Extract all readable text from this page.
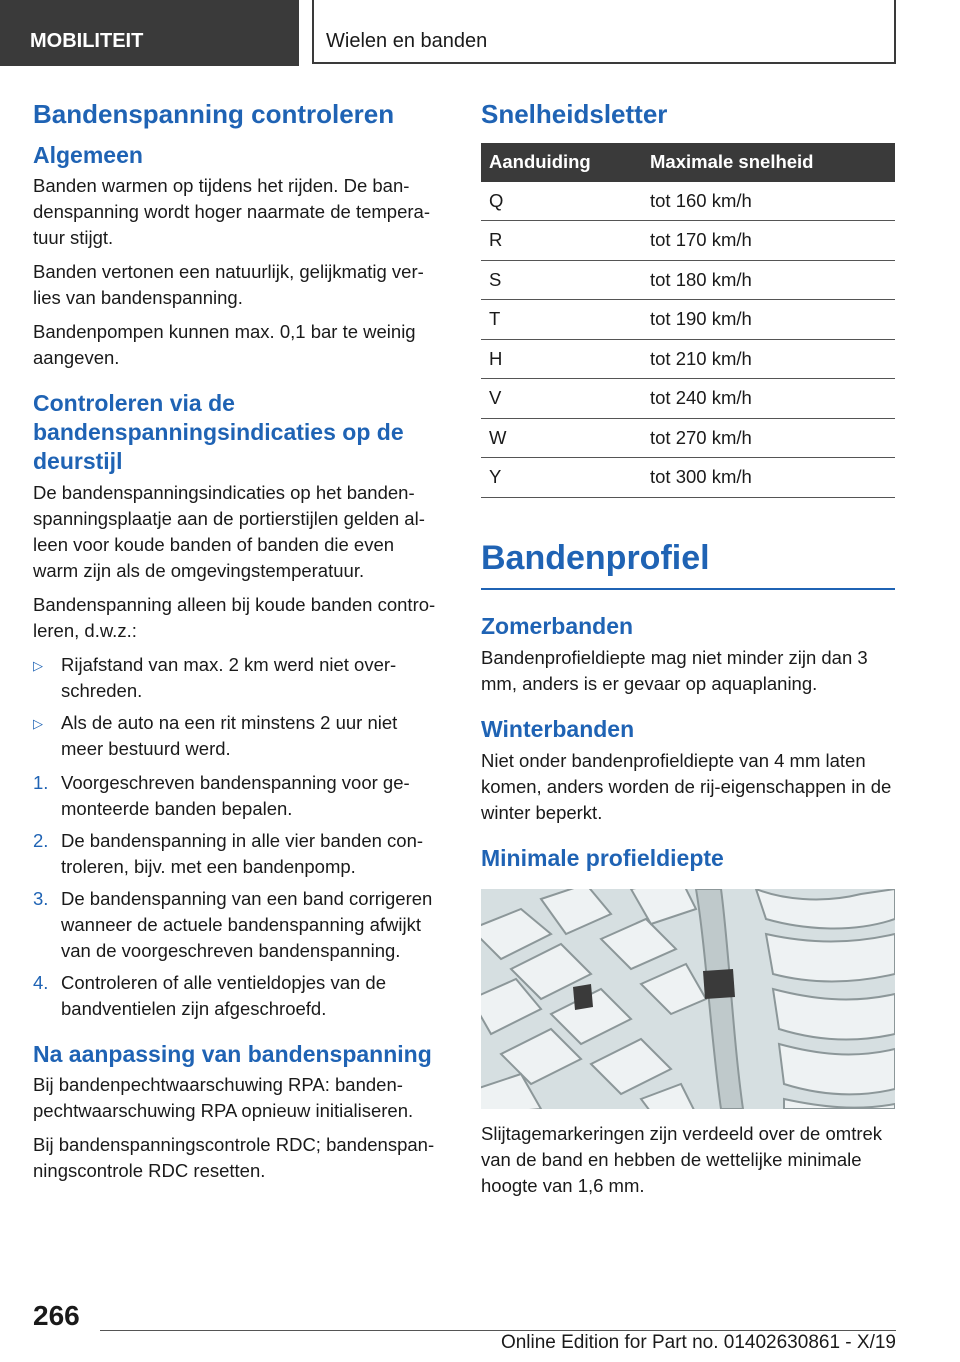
MOBILITEIT	Wielen en banden
Bandenspanning controleren
Algemeen

Banden warmen op tijdens het rijden. De bandenspanning wordt hoger naarmate de temperatuur stijgt.

Banden vertonen een natuurlijk, gelijkmatig verlies van bandenspanning.

Bandenpompen kunnen max. 0,1 bar te weinig aangeven.

Controleren via de bandenspanningsindicaties op de deurstijl

De bandenspanningsindicaties op het bandenspanningsplaatje aan de portierstijlen gelden alleen voor koude banden of banden die even warm zijn als de omgevingstemperatuur.

Bandenspanning alleen bij koude banden controleren, d.w.z.:

▷ Rijafstand van max. 2 km werd niet overschreden.
▷ Als de auto na een rit minstens 2 uur niet meer bestuurd werd.
1. Voorgeschreven bandenspanning voor gemonteerde banden bepalen.
2. De bandenspanning in alle vier banden controleren, bijv. met een bandenpomp.
3. De bandenspanning van een band corrigeren wanneer de actuele bandenspanning afwijkt van de voorgeschreven bandenspanning.
4. Controleren of alle ventieldopjes van de bandventielen zijn afgeschroefd.
Na aanpassing van bandenspanning

Bij bandenpechtwaarschuwing RPA: bandenpechtwaarschuwing RPA opnieuw initialiseren.

Bij bandenspanningscontrole RDC; bandenspanningscontrole RDC resetten.

Snelheidsletter
Aanduiding	Maximale snelheid
Q	tot 160 km/h
R	tot 170 km/h
S	tot 180 km/h
T	tot 190 km/h
H	tot 210 km/h
V	tot 240 km/h
W	tot 270 km/h
Y	tot 300 km/h
Bandenprofiel
Zomerbanden

Bandenprofieldiepte mag niet minder zijn dan 3 mm, anders is er gevaar op aquaplaning.

Winterbanden

Niet onder bandenprofieldiepte van 4 mm laten komen, anders worden de rij-eigenschappen in de winter beperkt.

Minimale profieldiepte

Slijtagemarkeringen zijn verdeeld over de omtrek van de band en hebben de wettelijke minimale hoogte van 1,6 mm.

266
Online Edition for Part no. 01402630861 - X/19
